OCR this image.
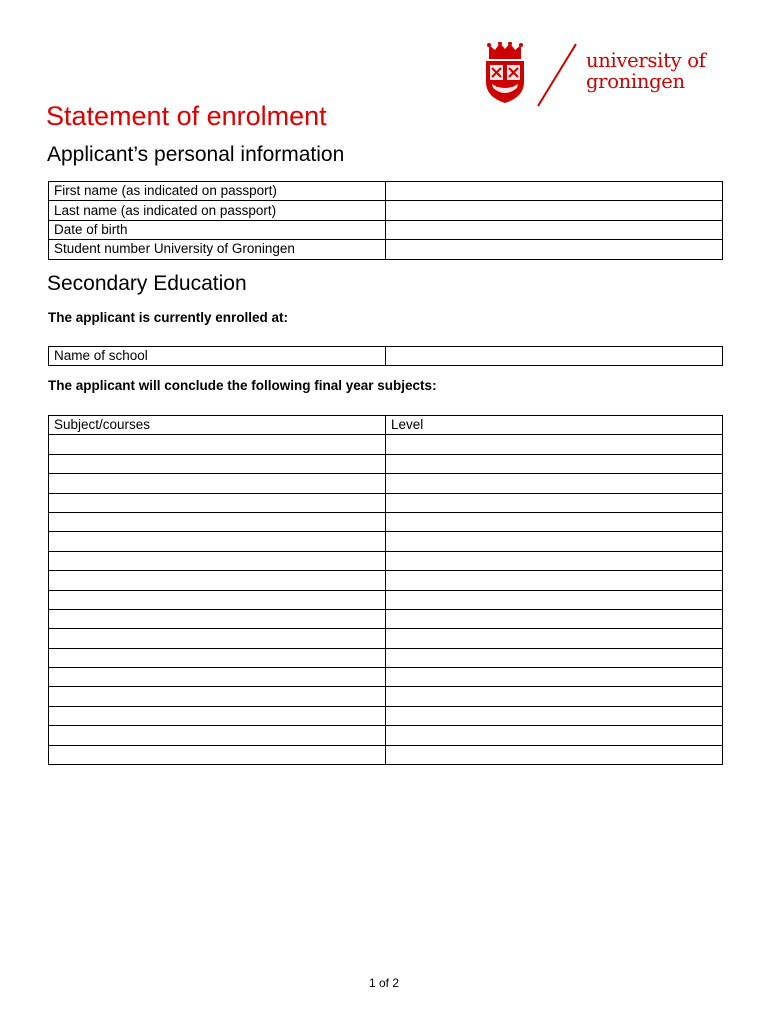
university of
groningen
Statement of enrolment
Applicant’s personal information
First name (as indicated on passport)	
Last name (as indicated on passport)	
Date of birth	
Student number University of Groningen	
Secondary Education

The applicant is currently enrolled at:

Name of school	

The applicant will conclude the following final year subjects:

Subject/courses	Level

1 of 2
